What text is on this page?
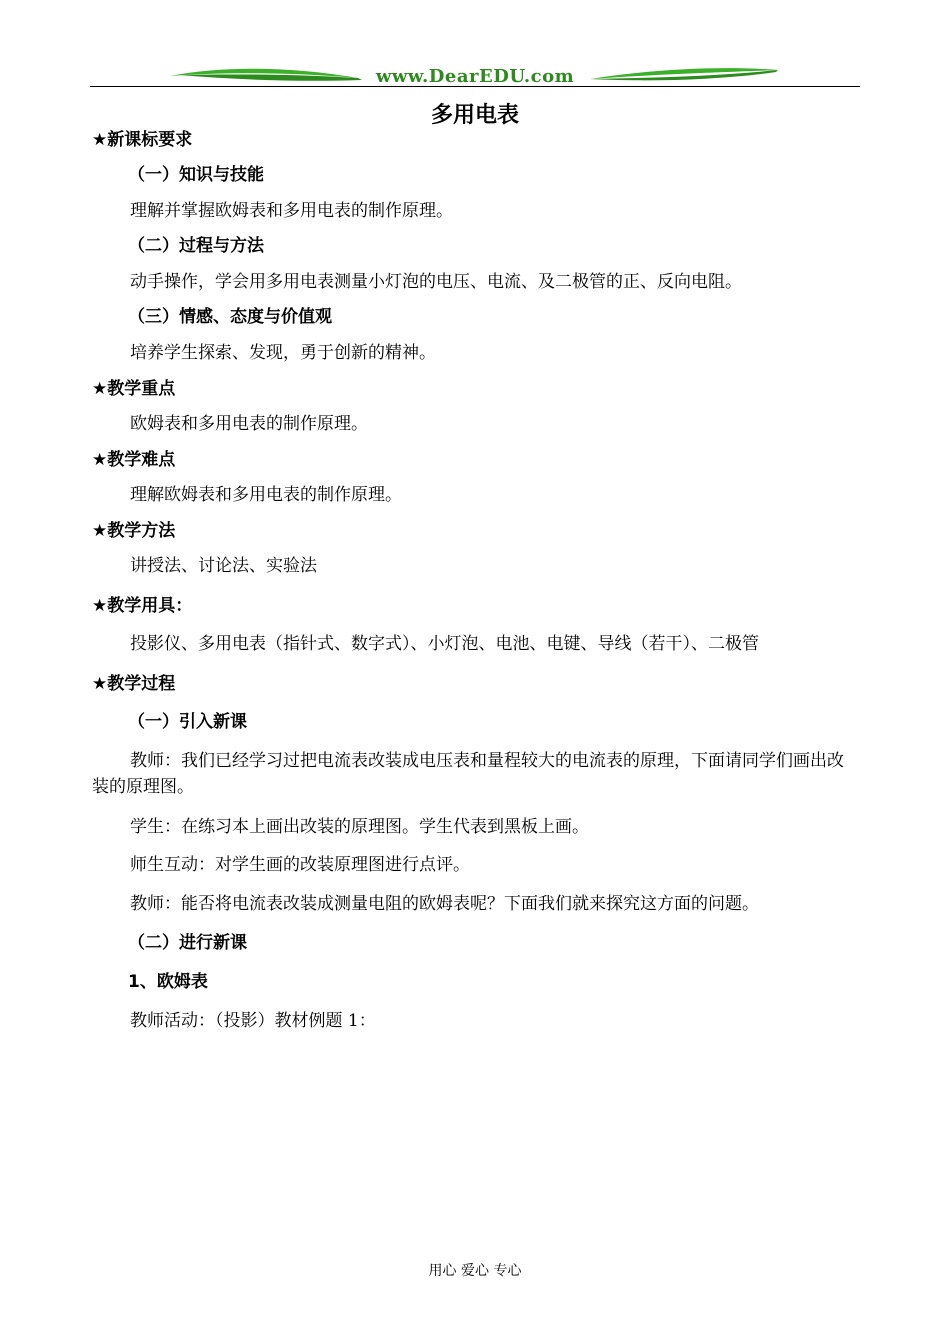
www.DearEDU.com
多用电表
★新课标要求
（一）知识与技能
理解并掌握欧姆表和多用电表的制作原理。
（二）过程与方法
动手操作，学会用多用电表测量小灯泡的电压、电流、及二极管的正、反向电阻。
（三）情感、态度与价值观
培养学生探索、发现，勇于创新的精神。
★教学重点
欧姆表和多用电表的制作原理。
★教学难点
理解欧姆表和多用电表的制作原理。
★教学方法
讲授法、讨论法、实验法
★教学用具：
投影仪、多用电表（指针式、数字式）、小灯泡、电池、电键、导线（若干）、二极管
★教学过程
（一）引入新课
教师：我们已经学习过把电流表改装成电压表和量程较大的电流表的原理，下面请同学们画出改装的原理图。
学生：在练习本上画出改装的原理图。学生代表到黑板上画。
师生互动：对学生画的改装原理图进行点评。
教师：能否将电流表改装成测量电阻的欧姆表呢？下面我们就来探究这方面的问题。
（二）进行新课
1、欧姆表
教师活动：（投影）教材例题 1：
用心 爱心 专心
